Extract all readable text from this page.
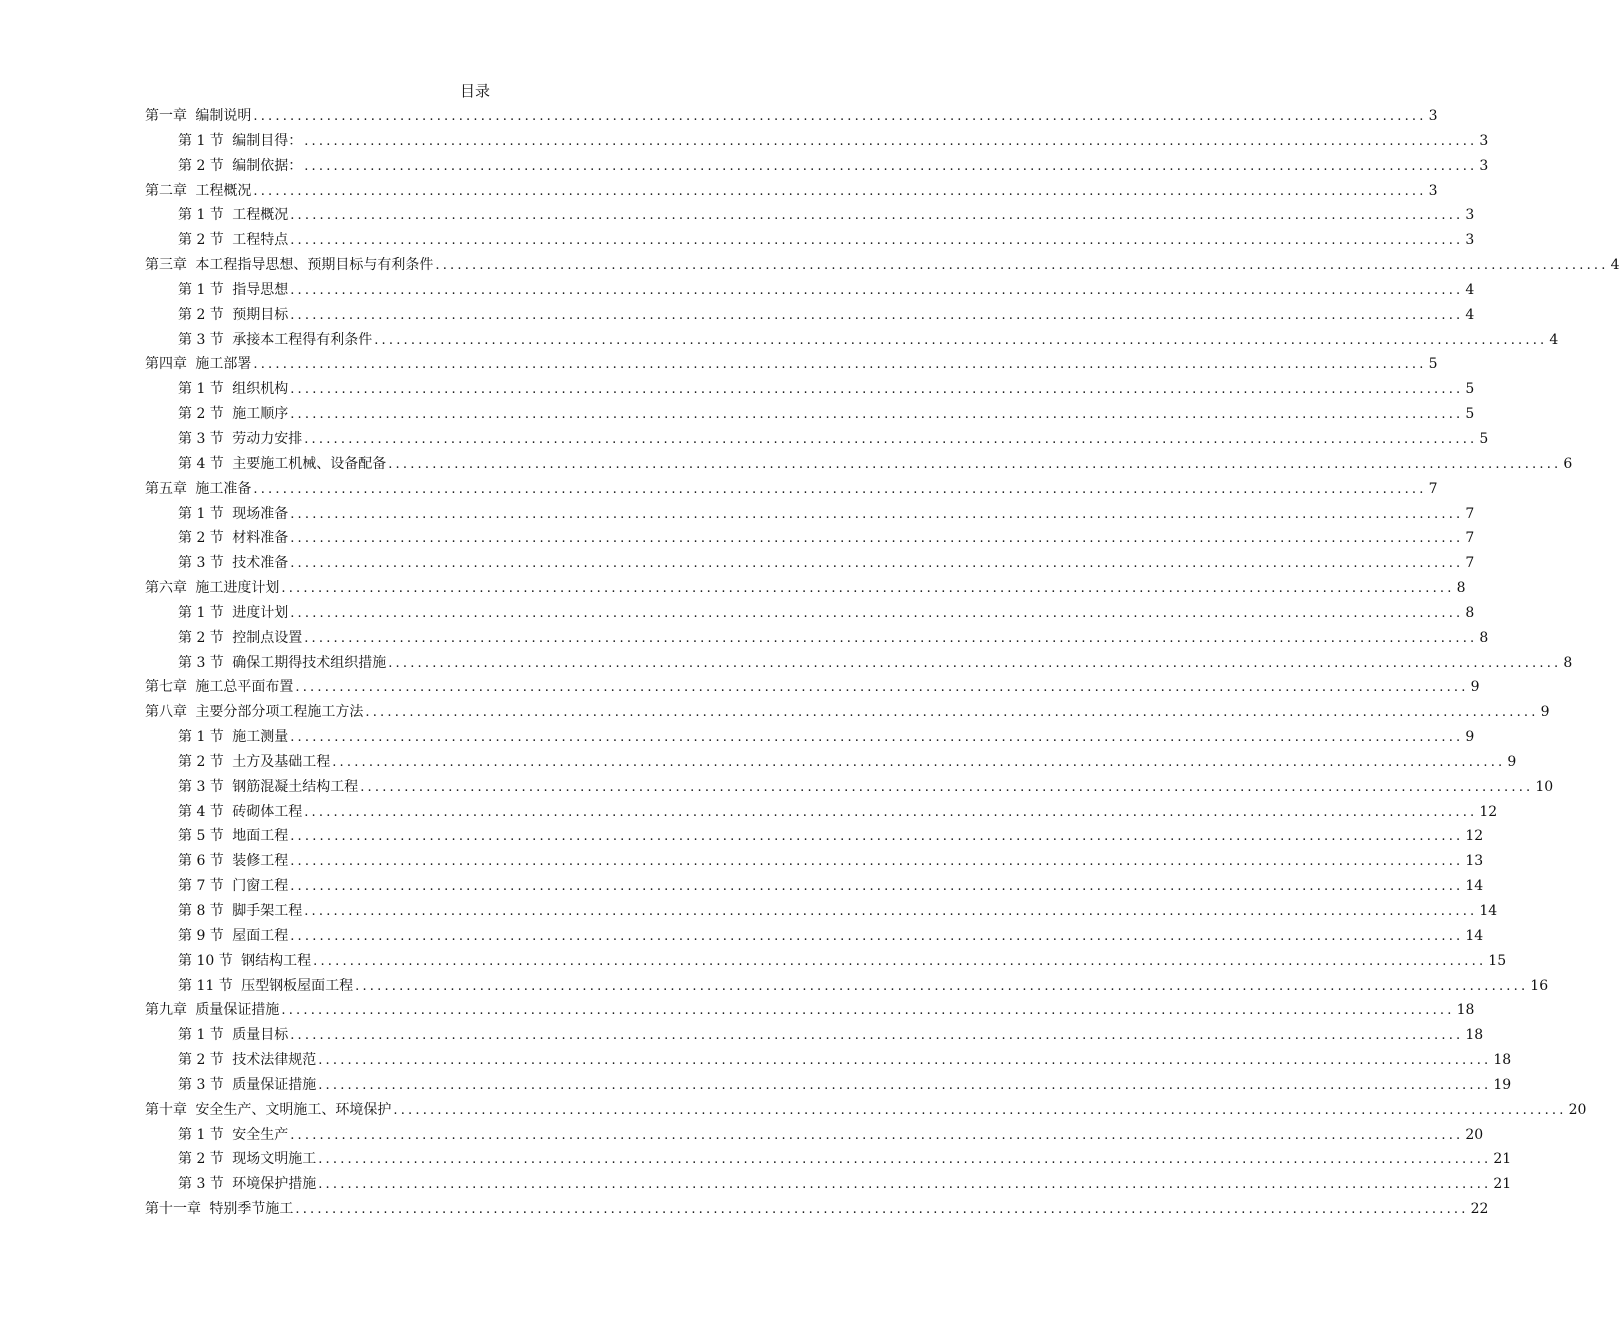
目录
第一章 编制说明 ................................................................................................................................................................ 3
第 1 节 编制目得： ................................................................................................................................................................ 3
第 2 节 编制依据： ................................................................................................................................................................ 3
第二章 工程概况 ................................................................................................................................................................ 3
第 1 节 工程概况 ................................................................................................................................................................ 3
第 2 节 工程特点 ................................................................................................................................................................ 3
第三章 本工程指导思想、预期目标与有利条件 ................................................................................................................................................................ 4
第 1 节 指导思想 ................................................................................................................................................................ 4
第 2 节 预期目标 ................................................................................................................................................................ 4
第 3 节 承接本工程得有利条件 ................................................................................................................................................................ 4
第四章 施工部署 ................................................................................................................................................................ 5
第 1 节 组织机构 ................................................................................................................................................................ 5
第 2 节 施工顺序 ................................................................................................................................................................ 5
第 3 节 劳动力安排 ................................................................................................................................................................ 5
第 4 节 主要施工机械、设备配备 ................................................................................................................................................................ 6
第五章 施工准备 ................................................................................................................................................................ 7
第 1 节 现场准备 ................................................................................................................................................................ 7
第 2 节 材料准备 ................................................................................................................................................................ 7
第 3 节 技术准备 ................................................................................................................................................................ 7
第六章 施工进度计划 ................................................................................................................................................................ 8
第 1 节 进度计划 ................................................................................................................................................................ 8
第 2 节 控制点设置 ................................................................................................................................................................ 8
第 3 节 确保工期得技术组织措施 ................................................................................................................................................................ 8
第七章 施工总平面布置 ................................................................................................................................................................ 9
第八章 主要分部分项工程施工方法 ................................................................................................................................................................ 9
第 1 节 施工测量 ................................................................................................................................................................ 9
第 2 节 土方及基础工程 ................................................................................................................................................................ 9
第 3 节 钢筋混凝土结构工程 ................................................................................................................................................................ 10
第 4 节 砖砌体工程 ................................................................................................................................................................ 12
第 5 节 地面工程 ................................................................................................................................................................ 12
第 6 节 装修工程 ................................................................................................................................................................ 13
第 7 节 门窗工程 ................................................................................................................................................................ 14
第 8 节 脚手架工程 ................................................................................................................................................................ 14
第 9 节 屋面工程 ................................................................................................................................................................ 14
第 10 节 钢结构工程 ................................................................................................................................................................ 15
第 11 节 压型钢板屋面工程 ................................................................................................................................................................ 16
第九章 质量保证措施 ................................................................................................................................................................ 18
第 1 节 质量目标 ................................................................................................................................................................ 18
第 2 节 技术法律规范 ................................................................................................................................................................ 18
第 3 节 质量保证措施 ................................................................................................................................................................ 19
第十章 安全生产、文明施工、环境保护 ................................................................................................................................................................ 20
第 1 节 安全生产 ................................................................................................................................................................ 20
第 2 节 现场文明施工 ................................................................................................................................................................ 21
第 3 节 环境保护措施 ................................................................................................................................................................ 21
第十一章 特别季节施工 ................................................................................................................................................................ 22
